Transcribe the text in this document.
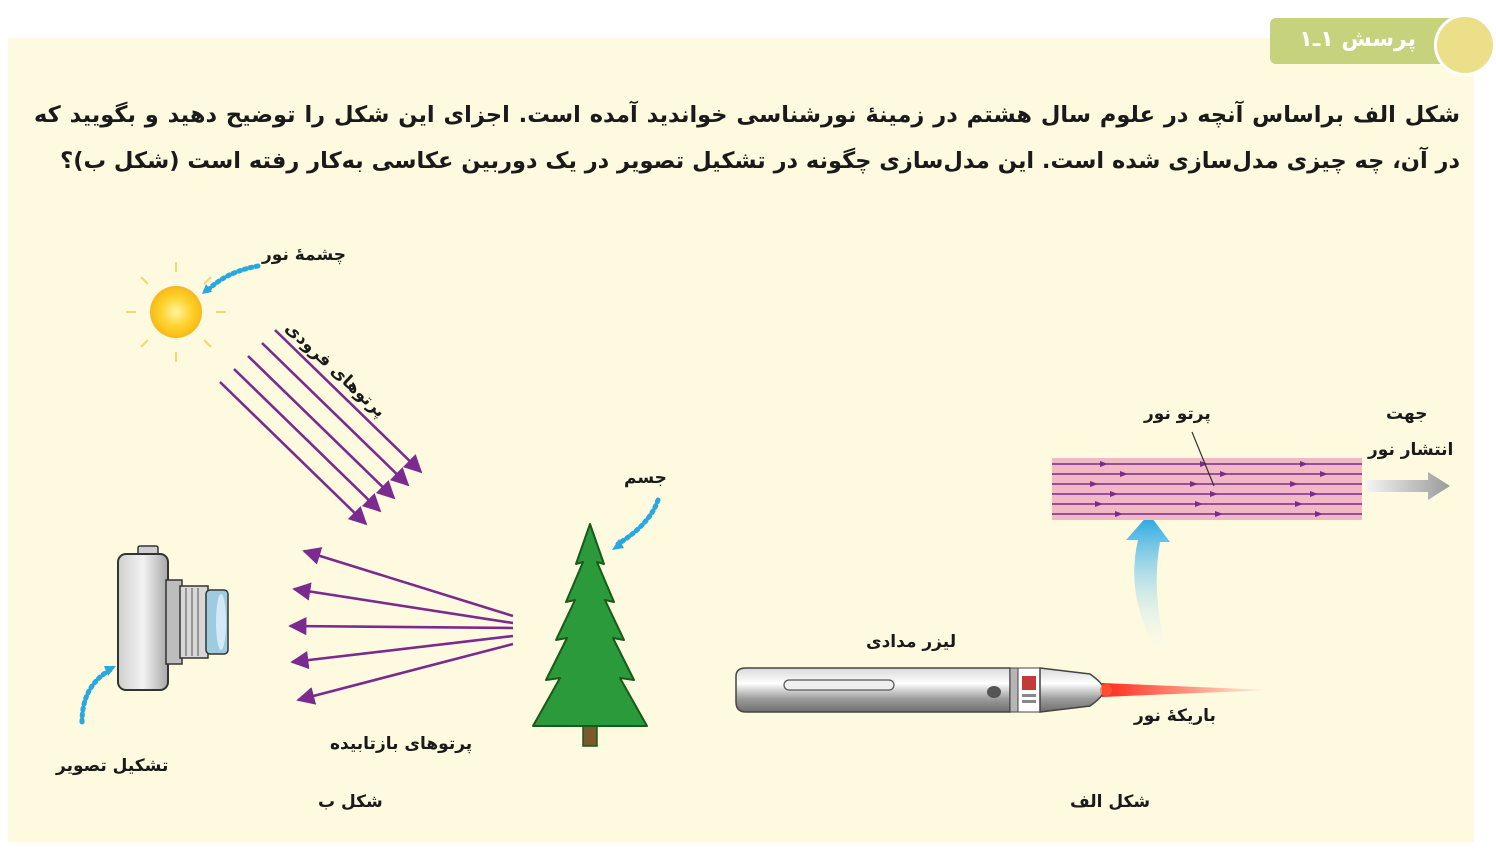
پرسش ۱ـ۱

شکل الف براساس آنچه در علوم سال هشتم در زمینهٔ نورشناسی خواندید آمده است. اجزای این شکل را توضیح دهید و بگویید که در آن، چه چیزی مدل‌سازی شده است. این مدل‌سازی چگونه در تشکیل تصویر در یک دوربین عکاسی به‌کار رفته است (شکل ب)؟

چشمهٔ نور
پرتوهای فرودی
جسم
پرتوهای بازتابیده
تشکیل تصویر
شکل ب
لیزر مدادی
باریکهٔ نور
پرتو نور	جهت
انتشار نور
شکل الف
